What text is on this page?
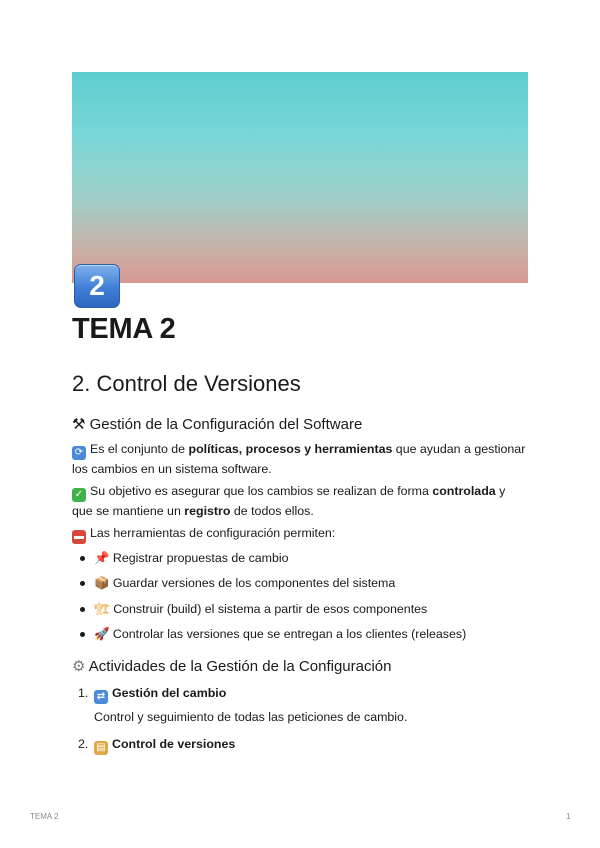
2
TEMA 2
2. Control de Versiones
⚒ Gestión de la Configuración del Software

⟳ Es el conjunto de políticas, procesos y herramientas que ayudan a gestionar los cambios en un sistema software.

✓ Su objetivo es asegurar que los cambios se realizan de forma controlada y que se mantiene un registro de todos ellos.

▬ Las herramientas de configuración permiten:

📌 Registrar propuestas de cambio
📦 Guardar versiones de los componentes del sistema
🏗 Construir (build) el sistema a partir de esos componentes
🚀 Controlar las versiones que se entregan a los clientes (releases)
⚙ Actividades de la Gestión de la Configuración
1. ⇄ Gestión del cambio
Control y seguimiento de todas las peticiones de cambio.
2. ▤ Control de versiones
TEMA 2	1
